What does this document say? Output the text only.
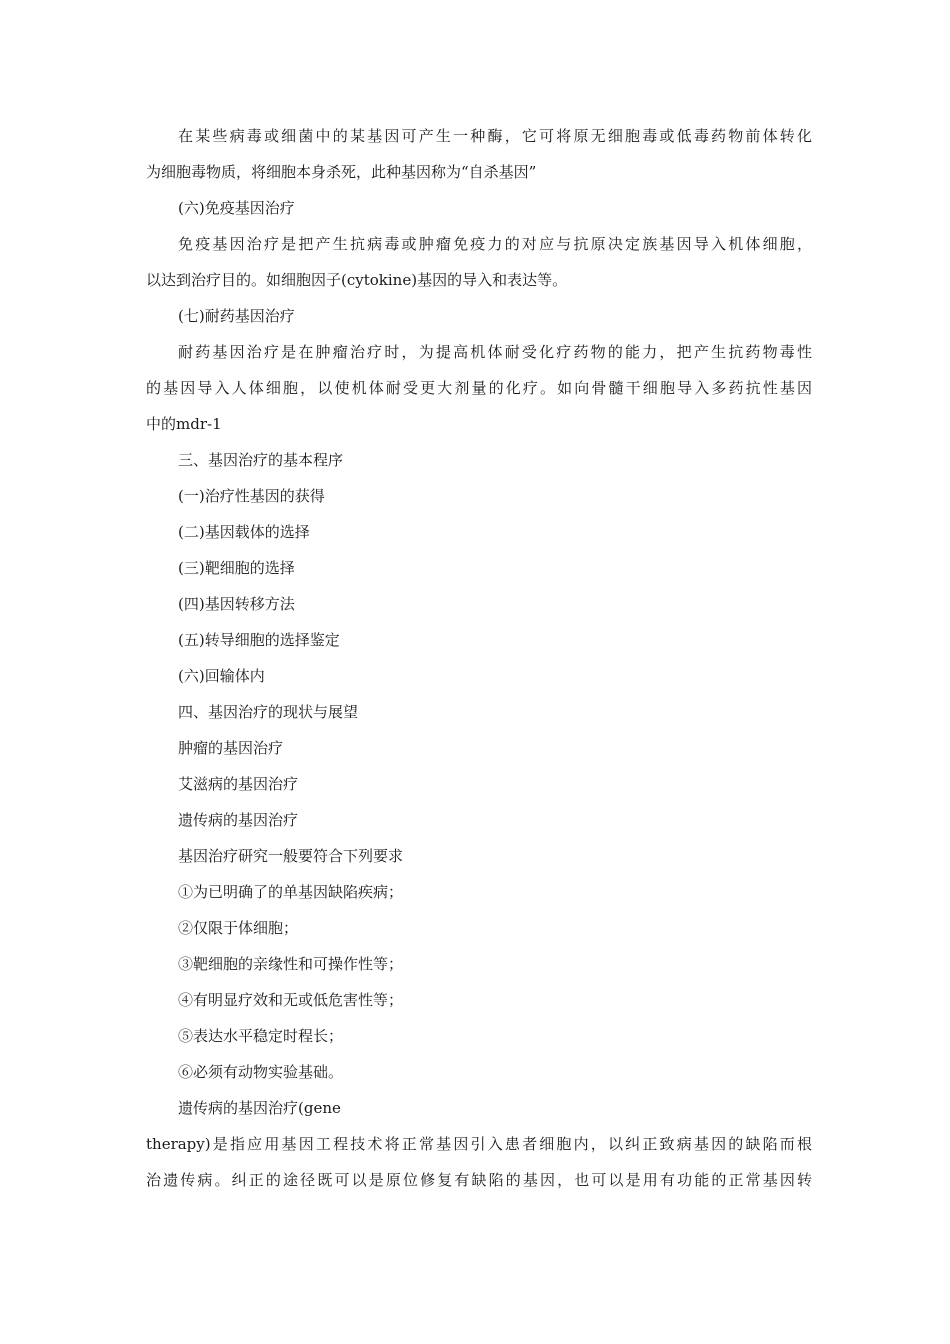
在某些病毒或细菌中的某基因可产生一种酶，它可将原无细胞毒或低毒药物前体转化
为细胞毒物质，将细胞本身杀死，此种基因称为“自杀基因”
(六)免疫基因治疗
免疫基因治疗是把产生抗病毒或肿瘤免疫力的对应与抗原决定族基因导入机体细胞，
以达到治疗目的。如细胞因子(cytokine)基因的导入和表达等。
(七)耐药基因治疗
耐药基因治疗是在肿瘤治疗时，为提高机体耐受化疗药物的能力，把产生抗药物毒性
的基因导入人体细胞，以使机体耐受更大剂量的化疗。如向骨髓干细胞导入多药抗性基因
中的mdr-1
三、基因治疗的基本程序
(一)治疗性基因的获得
(二)基因载体的选择
(三)靶细胞的选择
(四)基因转移方法
(五)转导细胞的选择鉴定
(六)回输体内
四、基因治疗的现状与展望
肿瘤的基因治疗
艾滋病的基因治疗
遗传病的基因治疗
基因治疗研究一般要符合下列要求
①为已明确了的单基因缺陷疾病；
②仅限于体细胞；
③靶细胞的亲缘性和可操作性等；
④有明显疗效和无或低危害性等；
⑤表达水平稳定时程长；
⑥必须有动物实验基础。
遗传病的基因治疗(gene
therapy)是指应用基因工程技术将正常基因引入患者细胞内，以纠正致病基因的缺陷而根
治遗传病。纠正的途径既可以是原位修复有缺陷的基因，也可以是用有功能的正常基因转
